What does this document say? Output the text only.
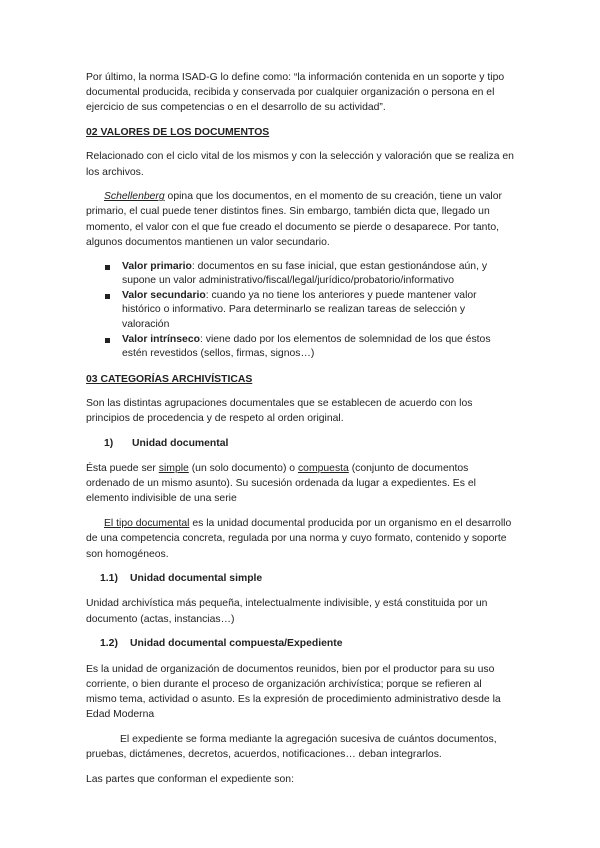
Por último, la norma ISAD-G lo define como: “la información contenida en un soporte y tipo documental producida, recibida y conservada por cualquier organización o persona en el ejercicio de sus competencias o en el desarrollo de su actividad”.

02 VALORES DE LOS DOCUMENTOS

Relacionado con el ciclo vital de los mismos y con la selección y valoración que se realiza en los archivos.

Schellenberg opina que los documentos, en el momento de su creación, tiene un valor primario, el cual puede tener distintos fines. Sin embargo, también dicta que, llegado un momento, el valor con el que fue creado el documento se pierde o desaparece. Por tanto, algunos documentos mantienen un valor secundario.

Valor primario: documentos en su fase inicial, que estan gestionándose aún, y supone un valor administrativo/fiscal/legal/jurídico/probatorio/informativo
Valor secundario: cuando ya no tiene los anteriores y puede mantener valor histórico o informativo. Para determinarlo se realizan tareas de selección y valoración
Valor intrínseco: viene dado por los elementos de solemnidad de los que éstos estén revestidos (sellos, firmas, signos…)

03 CATEGORÍAS ARCHIVÍSTICAS

Son las distintas agrupaciones documentales que se establecen de acuerdo con los principios de procedencia y de respeto al orden original.

1) Unidad documental

Ésta puede ser simple (un solo documento) o compuesta (conjunto de documentos ordenado de un mismo asunto). Su sucesión ordenada da lugar a expedientes. Es el elemento indivisible de una serie

El tipo documental es la unidad documental producida por un organismo en el desarrollo de una competencia concreta, regulada por una norma y cuyo formato, contenido y soporte son homogéneos.

1.1) Unidad documental simple

Unidad archivística más pequeña, intelectualmente indivisible, y está constituida por un documento (actas, instancias…)

1.2) Unidad documental compuesta/Expediente

Es la unidad de organización de documentos reunidos, bien por el productor para su uso corriente, o bien durante el proceso de organización archivística; porque se refieren al mismo tema, actividad o asunto. Es la expresión de procedimiento administrativo desde la Edad Moderna

El expediente se forma mediante la agregación sucesiva de cuántos documentos, pruebas, dictámenes, decretos, acuerdos, notificaciones… deban integrarlos.

Las partes que conforman el expediente son:
